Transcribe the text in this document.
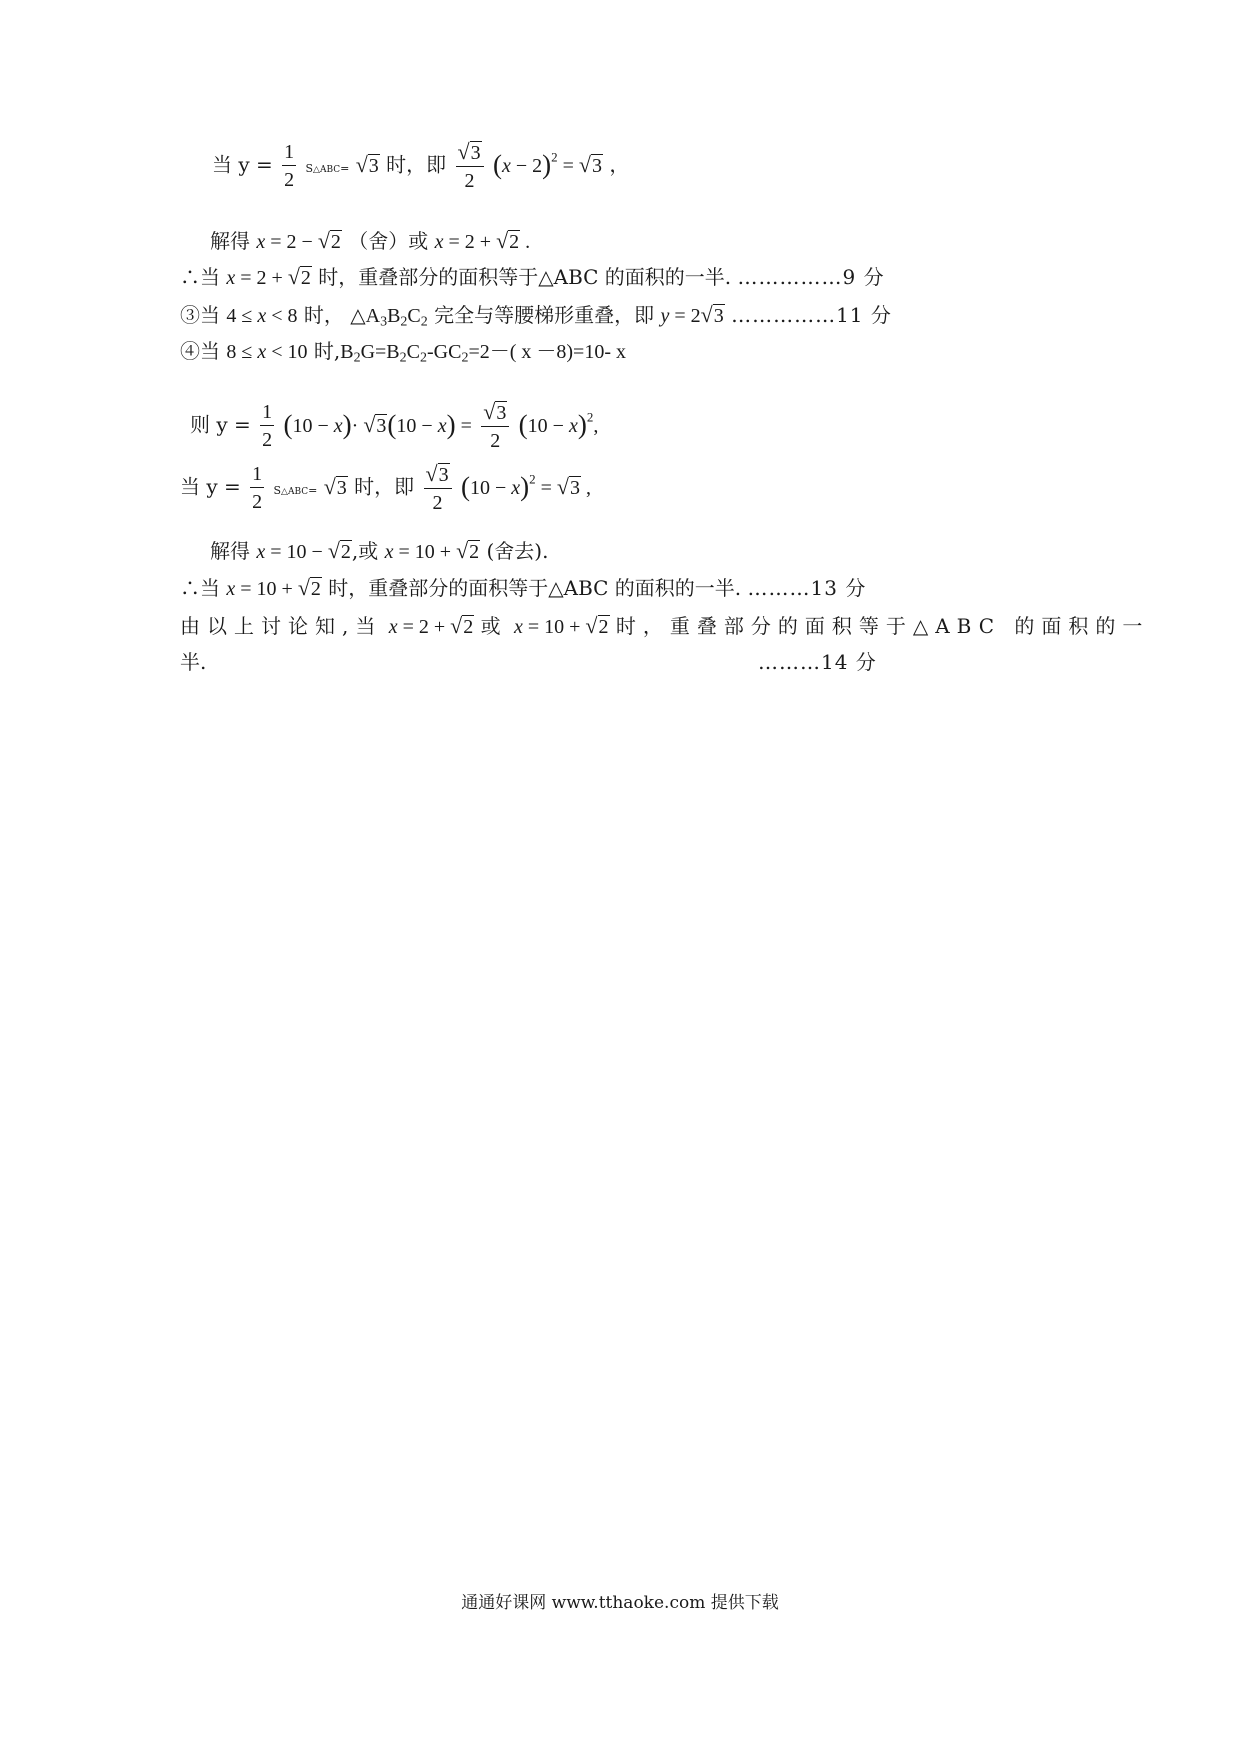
当 $y = \frac{1}{2}$ S△ABC= √3 时，即 $\frac{√3}{2} (x - 2)^2 = √3$ ，
解得 x = 2 − √2 （舍）或 x = 2 + √2 .
∴当 x = 2 + √2 时，重叠部分的面积等于△ABC 的面积的一半. ……………9 分
③当 4 ≤ x < 8 时， $\triangle A_3B_2C_2$ 完全与等腰梯形重叠，即 y = 2√3 ……………11 分
④当 8 ≤ x < 10 时$,B_2G=B_2C_2-GC_2=2-$( x －8)=10- x
则 $y = \frac{1}{2} (10 - x)\cdot √3(10 - x) = \frac{√3}{2} (10 - x)^2$,
当 $y = \frac{1}{2}$ S△ABC= √3 时，即 $\frac{√3}{2} (10 - x)^2 = √3$ ,
解得 x = 10 − √2,或 x = 10 + √2 (舍去).
∴当 x = 10 + √2 时，重叠部分的面积等于△ABC 的面积的一半. ………13 分
由以上讨论知,当 x = 2 + √2 或 x = 10 + √2 时，重叠部分的面积等于△ABC 的面积的一
半.	………14 分
通通好课网 www.tthaoke.com 提供下载
